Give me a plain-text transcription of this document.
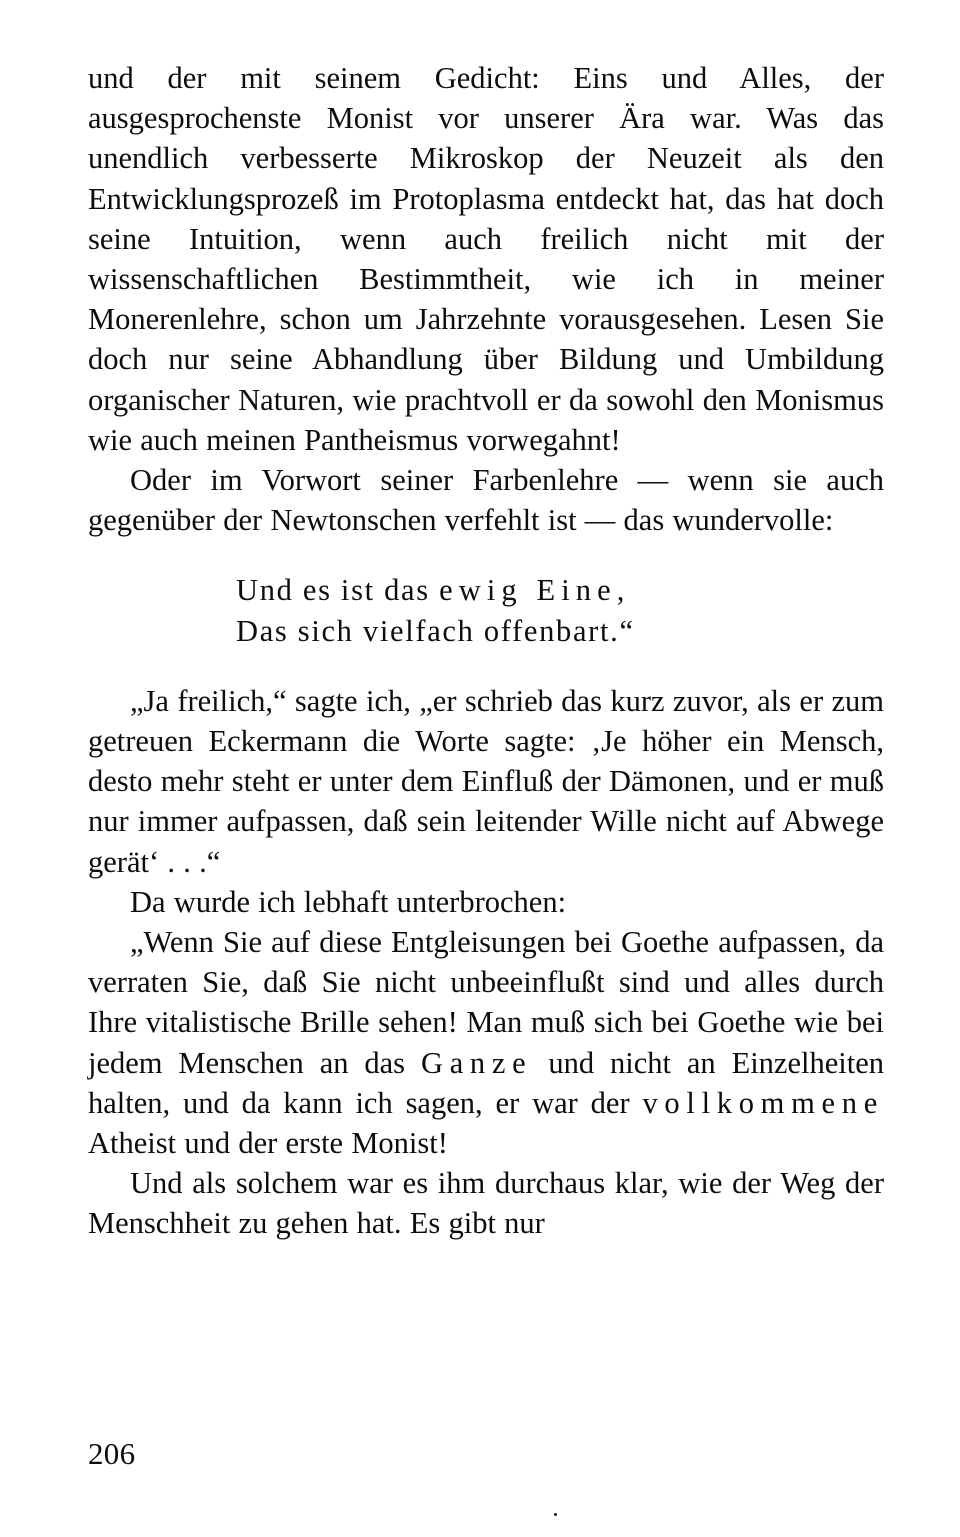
und der mit seinem Gedicht: Eins und Alles, der ausgesprochenste Monist vor unserer Ära war. Was das unendlich verbesserte Mikroskop der Neuzeit als den Entwicklungsprozeß im Protoplasma entdeckt hat, das hat doch seine Intuition, wenn auch freilich nicht mit der wissenschaftlichen Bestimmtheit, wie ich in meiner Monerenlehre, schon um Jahrzehnte vorausgesehen. Lesen Sie doch nur seine Abhandlung über Bildung und Umbildung organischer Naturen, wie prachtvoll er da sowohl den Monismus wie auch meinen Pantheismus vorwegahnt!

Oder im Vorwort seiner Farbenlehre — wenn sie auch gegenüber der Newtonschen verfehlt ist — das wundervolle:

Und es ist das ewig Eine,
Das sich vielfach offenbart.“

„Ja freilich,“ sagte ich, „er schrieb das kurz zuvor, als er zum getreuen Eckermann die Worte sagte: ‚Je höher ein Mensch, desto mehr steht er unter dem Einfluß der Dämonen, und er muß nur immer aufpassen, daß sein leitender Wille nicht auf Abwege gerät‘ . . .“

Da wurde ich lebhaft unterbrochen:

„Wenn Sie auf diese Entgleisungen bei Goethe aufpassen, da verraten Sie, daß Sie nicht unbeeinflußt sind und alles durch Ihre vitalistische Brille sehen! Man muß sich bei Goethe wie bei jedem Menschen an das Ganze und nicht an Einzelheiten halten, und da kann ich sagen, er war der vollkommene Atheist und der erste Monist!

Und als solchem war es ihm durchaus klar, wie der Weg der Menschheit zu gehen hat. Es gibt nur

206
